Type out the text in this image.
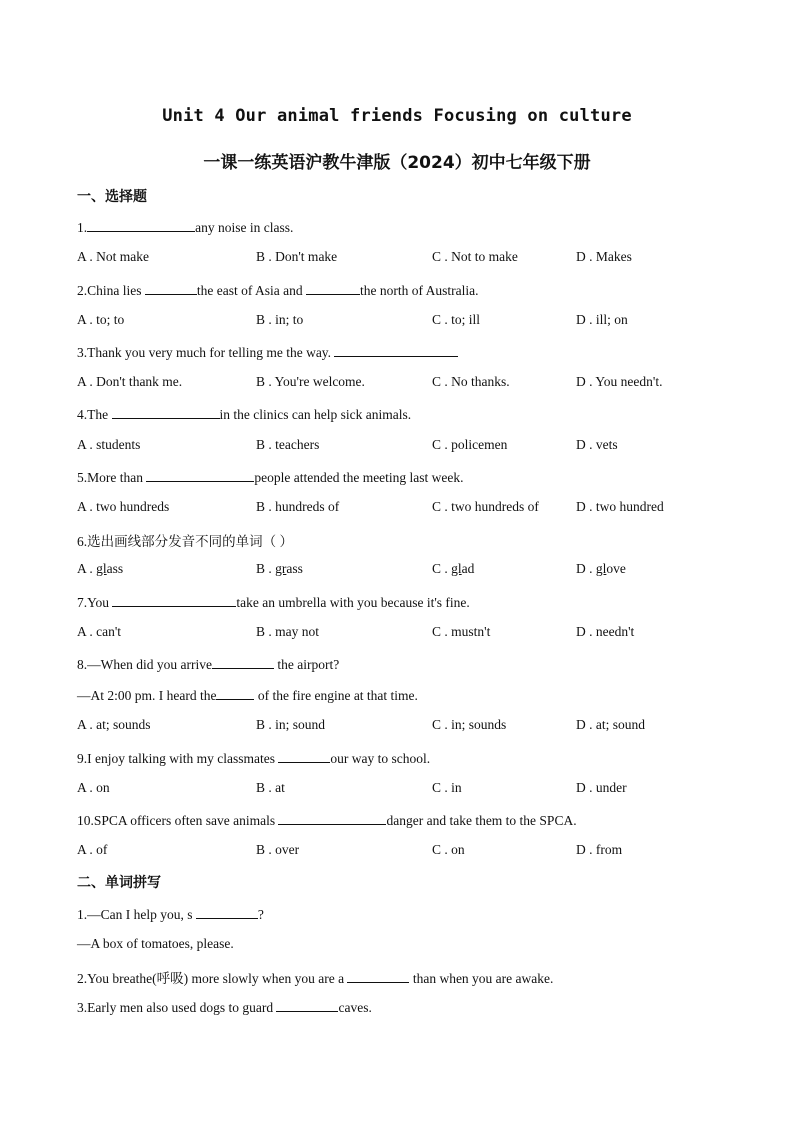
Unit 4 Our animal friends Focusing on culture
一课一练英语沪教牛津版（2024）初中七年级下册
一、选择题
1.	any noise in class.
A . Not make	B . Don't make	C . Not to make	D . Makes
2.China lies	the east of Asia and	the north of Australia.
A . to; to	B . in; to	C . to; ill	D . ill; on
3.Thank you very much for telling me the way.
A . Don't thank me.	B . You're welcome.	C . No thanks.	D . You needn't.
4.The	in the clinics can help sick animals.
A . students	B . teachers	C . policemen	D . vets
5.More than	people attended the meeting last week.
A . two hundreds	B . hundreds of	C . two hundreds of	D . two hundred
6.选出画线部分发音不同的单词（ ）
A . glass	B . grass	C . glad	D . glove
7.You	take an umbrella with you because it's fine.
A . can't	B . may not	C . mustn't	D . needn't
8.—When did you arrive	the airport?
—At 2:00 pm. I heard the	of the fire engine at that time.
A . at; sounds	B . in; sound	C . in; sounds	D . at; sound
9.I enjoy talking with my classmates	our way to school.
A . on	B . at	C . in	D . under
10.SPCA officers often save animals	danger and take them to the SPCA.
A . of	B . over	C . on	D . from
二、单词拼写
1.—Can I help you, s	?
—A box of tomatoes, please.
2.You breathe(呼吸) more slowly when you are a	than when you are awake.
3.Early men also used dogs to guard	caves.
